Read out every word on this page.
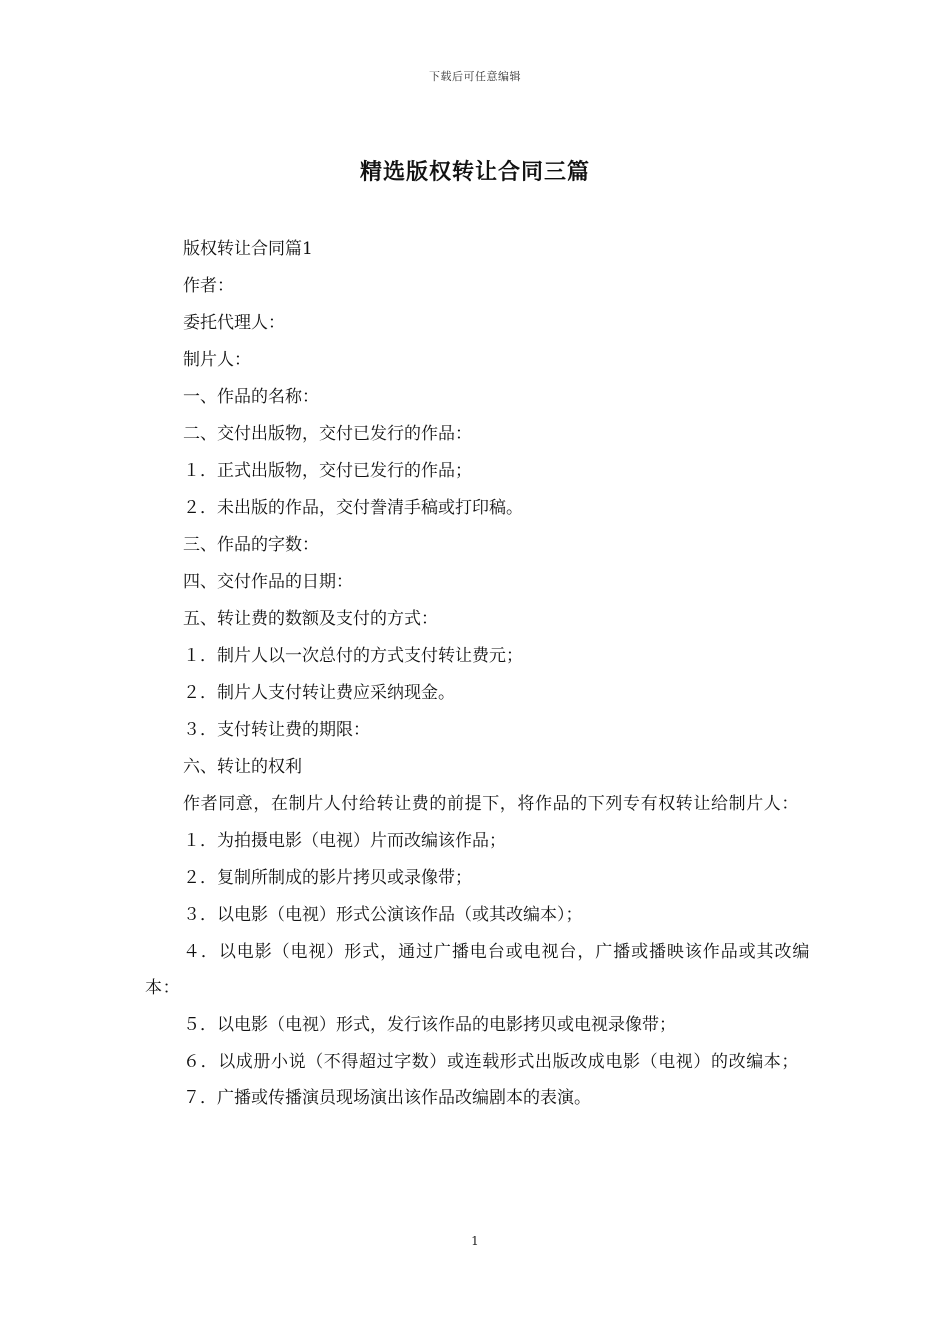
下载后可任意编辑
精选版权转让合同三篇

版权转让合同篇1

作者：

委托代理人：

制片人：

一、作品的名称：

二、交付出版物，交付已发行的作品：

１．正式出版物，交付已发行的作品；

２．未出版的作品，交付誊清手稿或打印稿。

三、作品的字数：

四、交付作品的日期：

五、转让费的数额及支付的方式：

１．制片人以一次总付的方式支付转让费元；

２．制片人支付转让费应采纳现金。

３．支付转让费的期限：

六、转让的权利

作者同意，在制片人付给转让费的前提下，将作品的下列专有权转让给制片人：

１．为拍摄电影（电视）片而改编该作品；

２．复制所制成的影片拷贝或录像带；

３．以电影（电视）形式公演该作品（或其改编本）；

４．以电影（电视）形式，通过广播电台或电视台，广播或播映该作品或其改编本：

５．以电影（电视）形式，发行该作品的电影拷贝或电视录像带；

６．以成册小说（不得超过字数）或连载形式出版改成电影（电视）的改编本；

７．广播或传播演员现场演出该作品改编剧本的表演。

1
